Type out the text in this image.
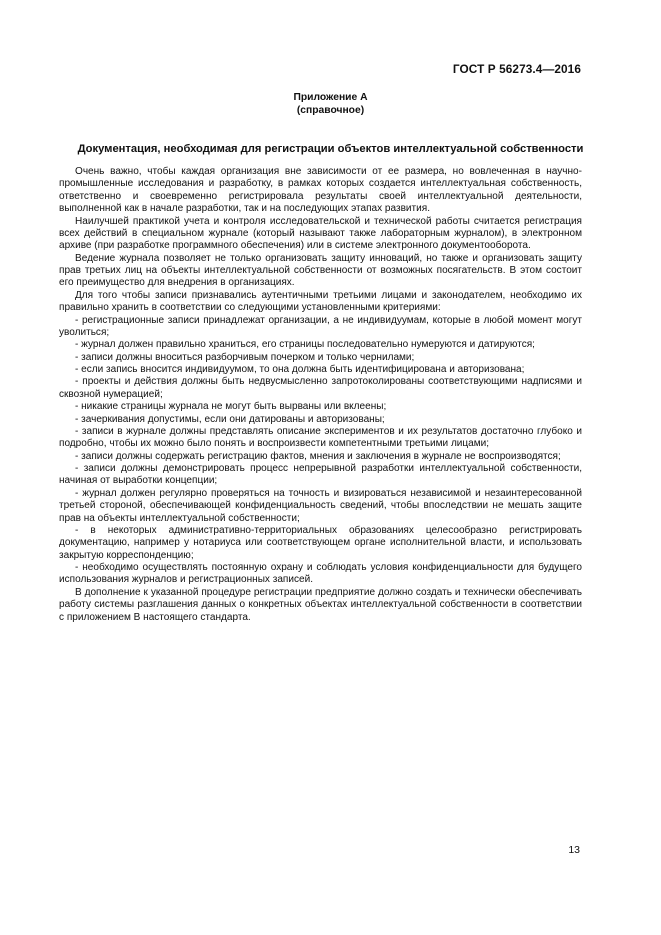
ГОСТ Р 56273.4—2016
Приложение А
(справочное)
Документация, необходимая для регистрации объектов интеллектуальной собственности

Очень важно, чтобы каждая организация вне зависимости от ее размера, но вовлеченная в научно-промышленные исследования и разработку, в рамках которых создается интеллектуальная собственность, ответственно и своевременно регистрировала результаты своей интеллектуальной деятельности, выполненной как в начале разработки, так и на последующих этапах развития.

Наилучшей практикой учета и контроля исследовательской и технической работы считается регистрация всех действий в специальном журнале (который называют также лабораторным журналом), в электронном архиве (при разработке программного обеспечения) или в системе электронного документооборота.

Ведение журнала позволяет не только организовать защиту инноваций, но также и организовать защиту прав третьих лиц на объекты интеллектуальной собственности от возможных посягательств. В этом состоит его преимущество для внедрения в организациях.

Для того чтобы записи признавались аутентичными третьими лицами и законодателем, необходимо их правильно хранить в соответствии со следующими установленными критериями:

- регистрационные записи принадлежат организации, а не индивидуумам, которые в любой момент могут уволиться;

- журнал должен правильно храниться, его страницы последовательно нумеруются и датируются;

- записи должны вноситься разборчивым почерком и только чернилами;

- если запись вносится индивидуумом, то она должна быть идентифицирована и авторизована;

- проекты и действия должны быть недвусмысленно запротоколированы соответствующими надписями и сквозной нумерацией;

- никакие страницы журнала не могут быть вырваны или вклеены;

- зачеркивания допустимы, если они датированы и авторизованы;

- записи в журнале должны представлять описание экспериментов и их результатов достаточно глубоко и подробно, чтобы их можно было понять и воспроизвести компетентными третьими лицами;

- записи должны содержать регистрацию фактов, мнения и заключения в журнале не воспроизводятся;

- записи должны демонстрировать процесс непрерывной разработки интеллектуальной собственности, начиная от выработки концепции;

- журнал должен регулярно проверяться на точность и визироваться независимой и незаинтересованной третьей стороной, обеспечивающей конфиденциальность сведений, чтобы впоследствии не мешать защите прав на объекты интеллектуальной собственности;

- в некоторых административно-территориальных образованиях целесообразно регистрировать документацию, например у нотариуса или соответствующем органе исполнительной власти, и использовать закрытую корреспонденцию;

- необходимо осуществлять постоянную охрану и соблюдать условия конфиденциальности для будущего использования журналов и регистрационных записей.

В дополнение к указанной процедуре регистрации предприятие должно создать и технически обеспечивать работу системы разглашения данных о конкретных объектах интеллектуальной собственности в соответствии с приложением В настоящего стандарта.

13
